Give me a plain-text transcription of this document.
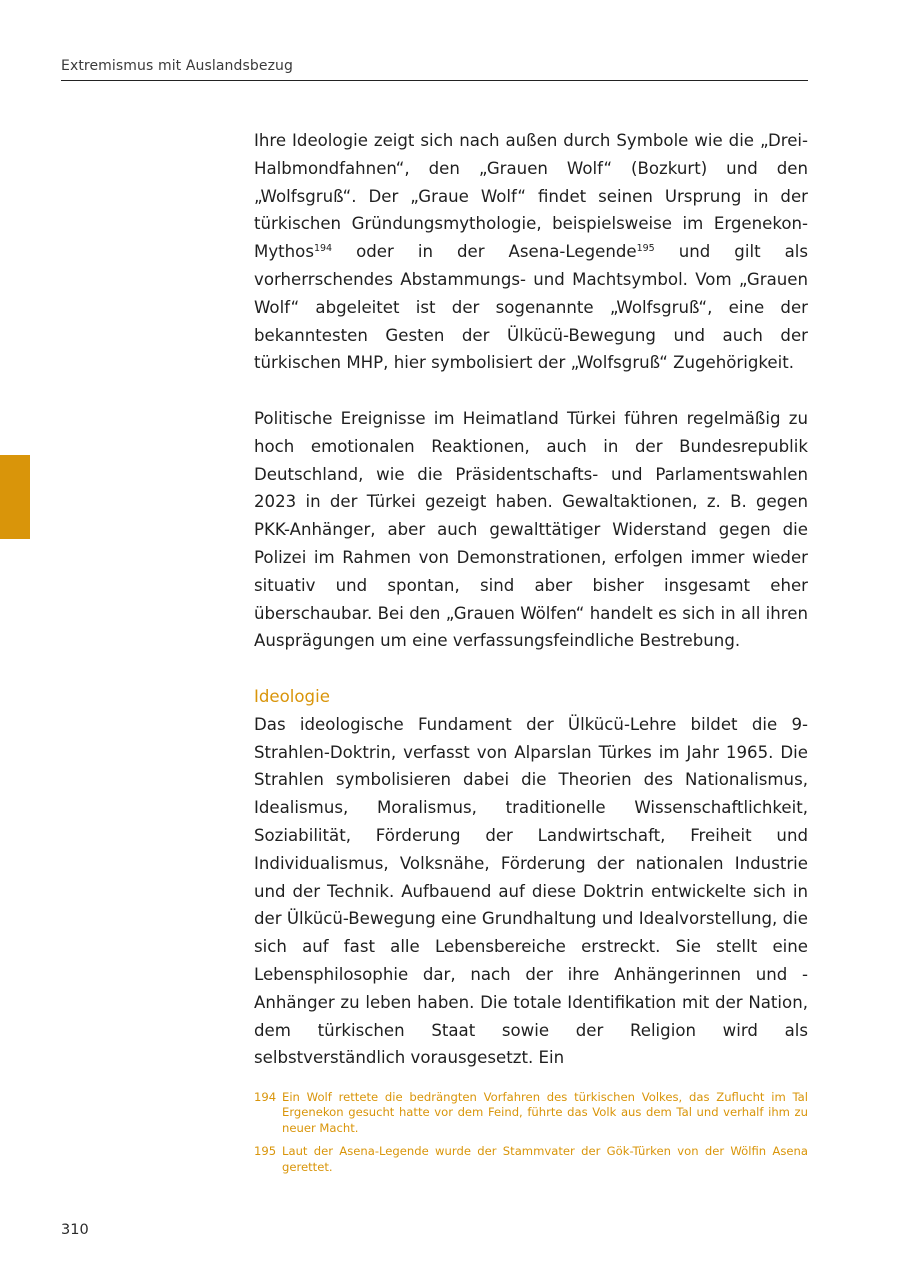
Extremismus mit Auslandsbezug

Ihre Ideologie zeigt sich nach außen durch Symbole wie die „Drei-Halbmondfahnen“, den „Grauen Wolf“ (Bozkurt) und den „Wolfsgruß“. Der „Graue Wolf“ findet seinen Ursprung in der türkischen Gründungsmythologie, beispielsweise im Ergenekon-Mythos$^{194}$ oder in der Asena-Legende$^{195}$ und gilt als vorherrschendes Abstammungs- und Machtsymbol. Vom „Grauen Wolf“ abgeleitet ist der sogenannte „Wolfsgruß“, eine der bekanntesten Gesten der Ülkücü-Bewegung und auch der türkischen MHP, hier symbolisiert der „Wolfsgruß“ Zugehörigkeit.

Politische Ereignisse im Heimatland Türkei führen regelmäßig zu hoch emotionalen Reaktionen, auch in der Bundesrepublik Deutschland, wie die Präsidentschafts- und Parlamentswahlen 2023 in der Türkei gezeigt haben. Gewaltaktionen, z. B. gegen PKK-Anhänger, aber auch gewalttätiger Widerstand gegen die Polizei im Rahmen von Demonstrationen, erfolgen immer wieder situativ und spontan, sind aber bisher insgesamt eher überschaubar. Bei den „Grauen Wölfen“ handelt es sich in all ihren Ausprägungen um eine verfassungsfeindliche Bestrebung.

Ideologie

Das ideologische Fundament der Ülkücü-Lehre bildet die 9-Strahlen-Doktrin, verfasst von Alparslan Türkes im Jahr 1965. Die Strahlen symbolisieren dabei die Theorien des Nationalismus, Idealismus, Moralismus, traditionelle Wissenschaftlichkeit, Soziabilität, Förderung der Landwirtschaft, Freiheit und Individualismus, Volksnähe, Förderung der nationalen Industrie und der Technik. Aufbauend auf diese Doktrin entwickelte sich in der Ülkücü-Bewegung eine Grundhaltung und Idealvorstellung, die sich auf fast alle Lebensbereiche erstreckt. Sie stellt eine Lebensphilosophie dar, nach der ihre Anhängerinnen und -Anhänger zu leben haben. Die totale Identifikation mit der Nation, dem türkischen Staat sowie der Religion wird als selbstverständlich vorausgesetzt. Ein

194 Ein Wolf rettete die bedrängten Vorfahren des türkischen Volkes, das Zuflucht im Tal Ergenekon gesucht hatte vor dem Feind, führte das Volk aus dem Tal und verhalf ihm zu neuer Macht.
195 Laut der Asena-Legende wurde der Stammvater der Gök-Türken von der Wölfin Asena gerettet.
310
